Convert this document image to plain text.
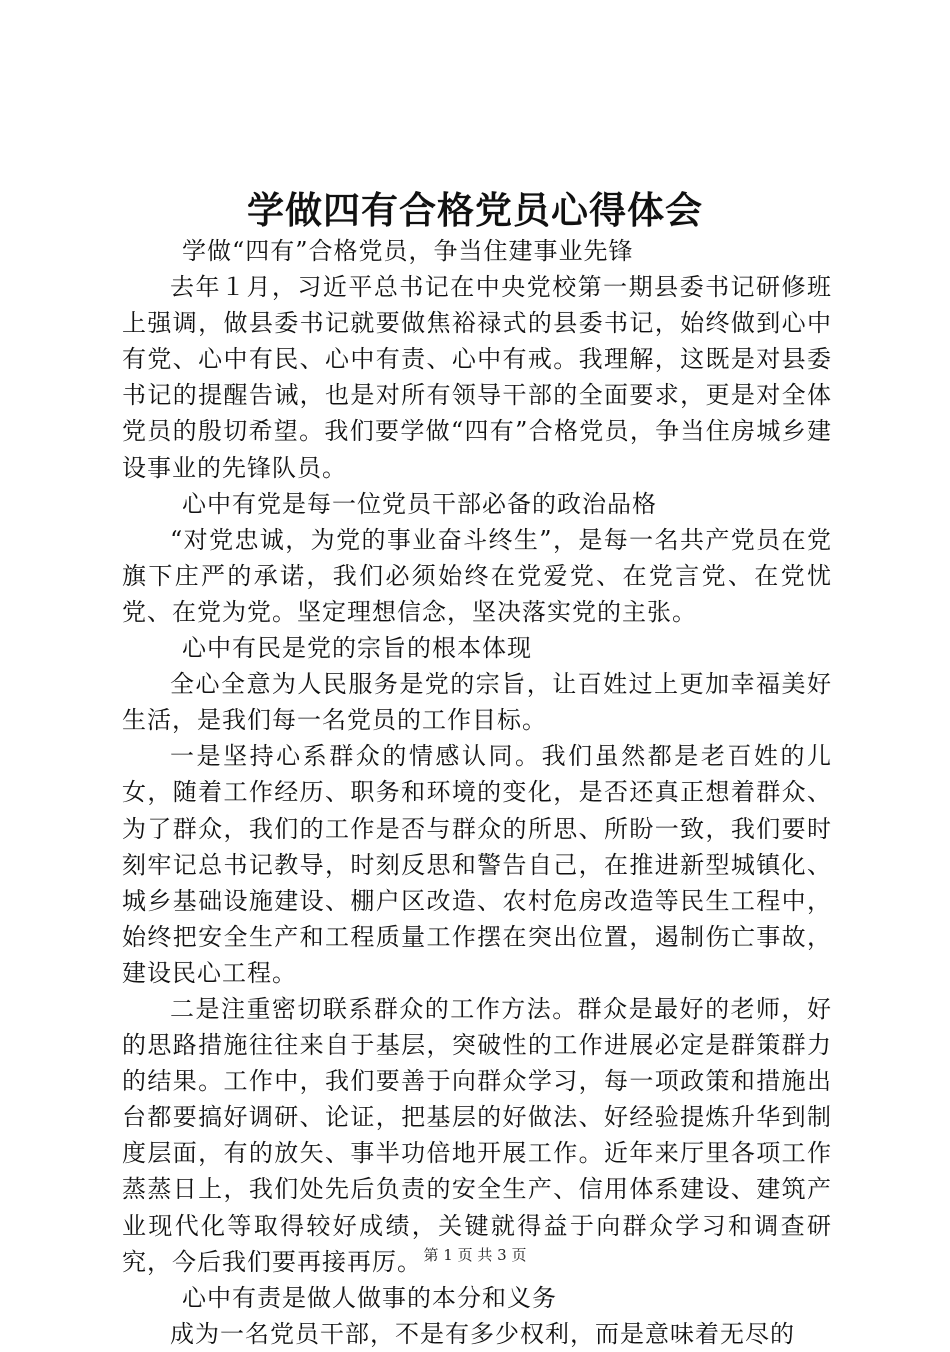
学做四有合格党员心得体会

学做“四有”合格党员，争当住建事业先锋

去年１月，习近平总书记在中央党校第一期县委书记研修班上强调，做县委书记就要做焦裕禄式的县委书记，始终做到心中有党、心中有民、心中有责、心中有戒。我理解，这既是对县委书记的提醒告诫，也是对所有领导干部的全面要求，更是对全体党员的殷切希望。我们要学做“四有”合格党员，争当住房城乡建设事业的先锋队员。

心中有党是每一位党员干部必备的政治品格

“对党忠诚，为党的事业奋斗终生”，是每一名共产党员在党旗下庄严的承诺，我们必须始终在党爱党、在党言党、在党忧党、在党为党。坚定理想信念，坚决落实党的主张。

心中有民是党的宗旨的根本体现

全心全意为人民服务是党的宗旨，让百姓过上更加幸福美好生活，是我们每一名党员的工作目标。

一是坚持心系群众的情感认同。我们虽然都是老百姓的儿女，随着工作经历、职务和环境的变化，是否还真正想着群众、为了群众，我们的工作是否与群众的所思、所盼一致，我们要时刻牢记总书记教导，时刻反思和警告自己，在推进新型城镇化、城乡基础设施建设、棚户区改造、农村危房改造等民生工程中，始终把安全生产和工程质量工作摆在突出位置，遏制伤亡事故，建设民心工程。

二是注重密切联系群众的工作方法。群众是最好的老师，好的思路措施往往来自于基层，突破性的工作进展必定是群策群力的结果。工作中，我们要善于向群众学习，每一项政策和措施出台都要搞好调研、论证，把基层的好做法、好经验提炼升华到制度层面，有的放矢、事半功倍地开展工作。近年来厅里各项工作蒸蒸日上，我们处先后负责的安全生产、信用体系建设、建筑产业现代化等取得较好成绩，关键就得益于向群众学习和调查研究，今后我们要再接再厉。

心中有责是做人做事的本分和义务

成为一名党员干部，不是有多少权利，而是意味着无尽的

第 1 页 共 3 页
